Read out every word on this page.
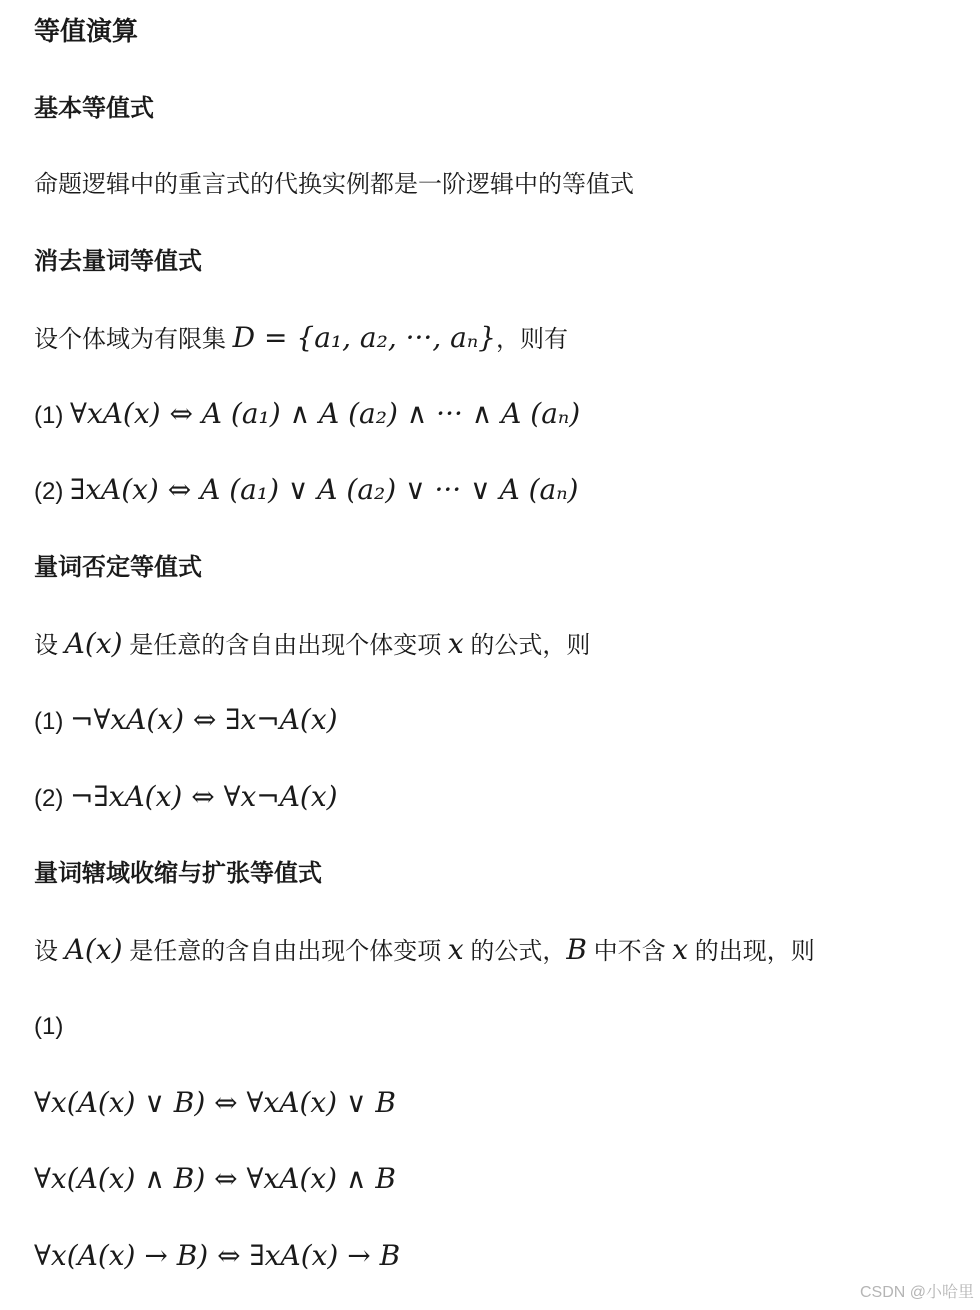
等值演算
基本等值式
命题逻辑中的重言式的代换实例都是一阶逻辑中的等值式
消去量词等值式
设个体域为有限集 D = {a₁, a₂, ···, aₙ}，则有
(1) ∀xA(x) ⇔ A (a₁) ∧ A (a₂) ∧ ··· ∧ A (aₙ)
(2) ∃xA(x) ⇔ A (a₁) ∨ A (a₂) ∨ ··· ∨ A (aₙ)
量词否定等值式
设 A(x) 是任意的含自由出现个体变项 x 的公式，则
(1) ¬∀xA(x) ⇔ ∃x¬A(x)
(2) ¬∃xA(x) ⇔ ∀x¬A(x)
量词辖域收缩与扩张等值式
设 A(x) 是任意的含自由出现个体变项 x 的公式，B 中不含 x 的出现，则
(1)
∀x(A(x) ∨ B) ⇔ ∀xA(x) ∨ B
∀x(A(x) ∧ B) ⇔ ∀xA(x) ∧ B
∀x(A(x) → B) ⇔ ∃xA(x) → B
CSDN @小哈里
